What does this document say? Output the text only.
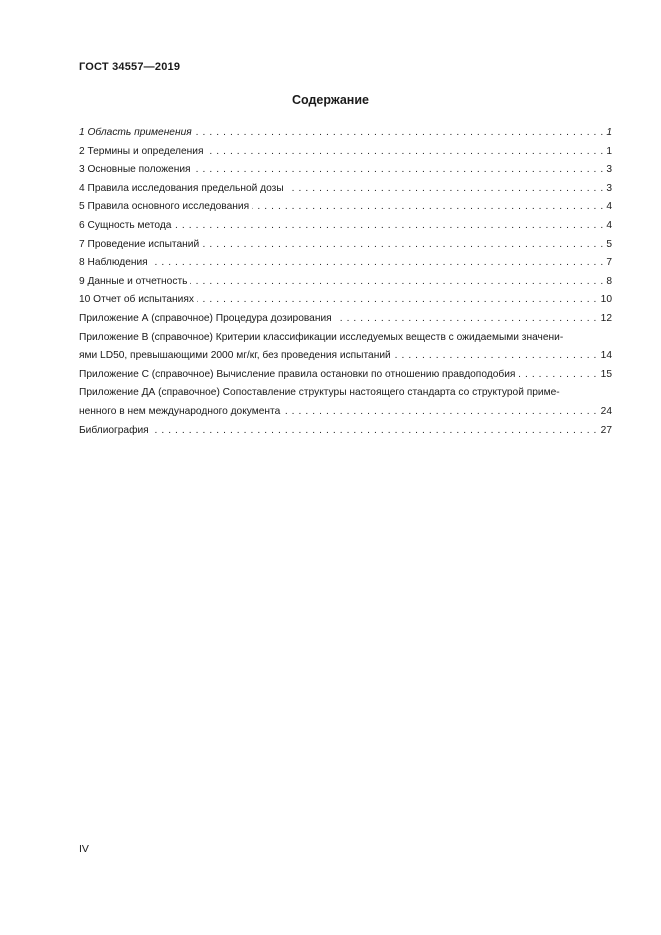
ГОСТ 34557—2019
Содержание
1 Область применения	1
. . .
2 Термины и определения	1
. . .
3 Основные положения	3
. . .
4 Правила исследования предельной дозы	3
. . .
5 Правила основного исследования	4
. . .
6 Сущность метода	4
. . .
7 Проведение испытаний	5
. . .
8 Наблюдения	7
. . .
9 Данные и отчетность	8
. . .
10 Отчет об испытаниях	10
. . .
Приложение А (справочное) Процедура дозирования	12
. . .
Приложение В (справочное) Критерии классификации исследуемых веществ с ожидаемыми значени-
ями LD50, превышающими 2000 мг/кг, без проведения испытаний	14
. . .
Приложение С (справочное) Вычисление правила остановки по отношению правдоподобия	15
. . .
Приложение ДА (справочное) Сопоставление структуры настоящего стандарта со структурой приме-
ненного в нем международного документа	24
. . .
Библиография	27
. . .
IV
